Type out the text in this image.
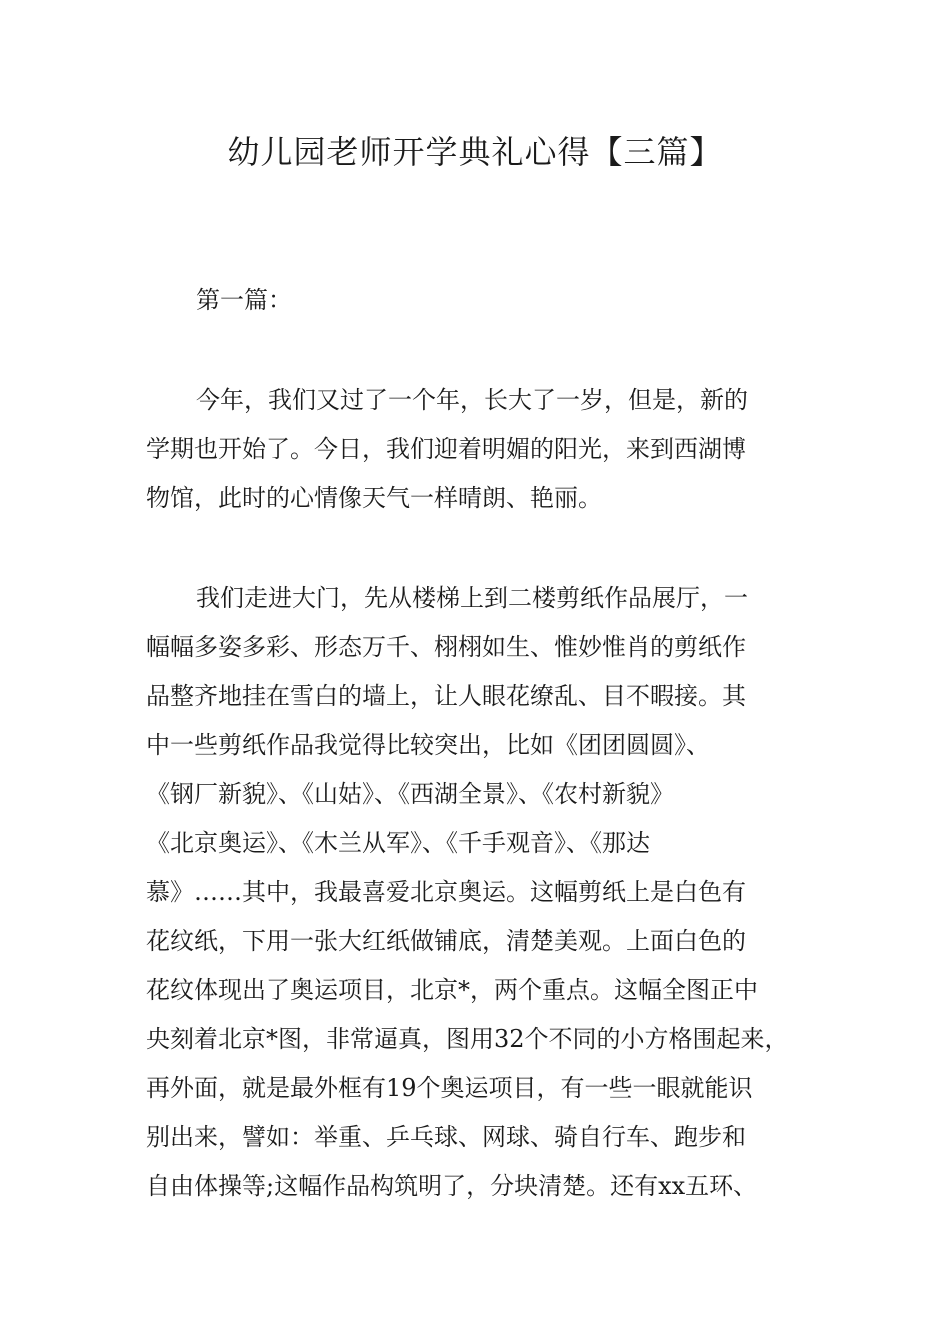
幼儿园老师开学典礼心得【三篇】

第一篇：

今年，我们又过了一个年，长大了一岁，但是，新的
学期也开始了。今日，我们迎着明媚的阳光，来到西湖博
物馆，此时的心情像天气一样晴朗、艳丽。
我们走进大门，先从楼梯上到二楼剪纸作品展厅，一
幅幅多姿多彩、形态万千、栩栩如生、惟妙惟肖的剪纸作
品整齐地挂在雪白的墙上，让人眼花缭乱、目不暇接。其
中一些剪纸作品我觉得比较突出，比如《团团圆圆》、
《钢厂新貌》、《山姑》、《西湖全景》、《农村新貌》
《北京奥运》、《木兰从军》、《千手观音》、《那达
慕》……其中，我最喜爱北京奥运。这幅剪纸上是白色有
花纹纸，下用一张大红纸做铺底，清楚美观。上面白色的
花纹体现出了奥运项目，北京*，两个重点。这幅全图正中
央刻着北京*图，非常逼真，图用32个不同的小方格围起来，
再外面，就是最外框有19个奥运项目，有一些一眼就能识
别出来，譬如：举重、乒乓球、网球、骑自行车、跑步和
自由体操等;这幅作品构筑明了，分块清楚。还有xx五环、
